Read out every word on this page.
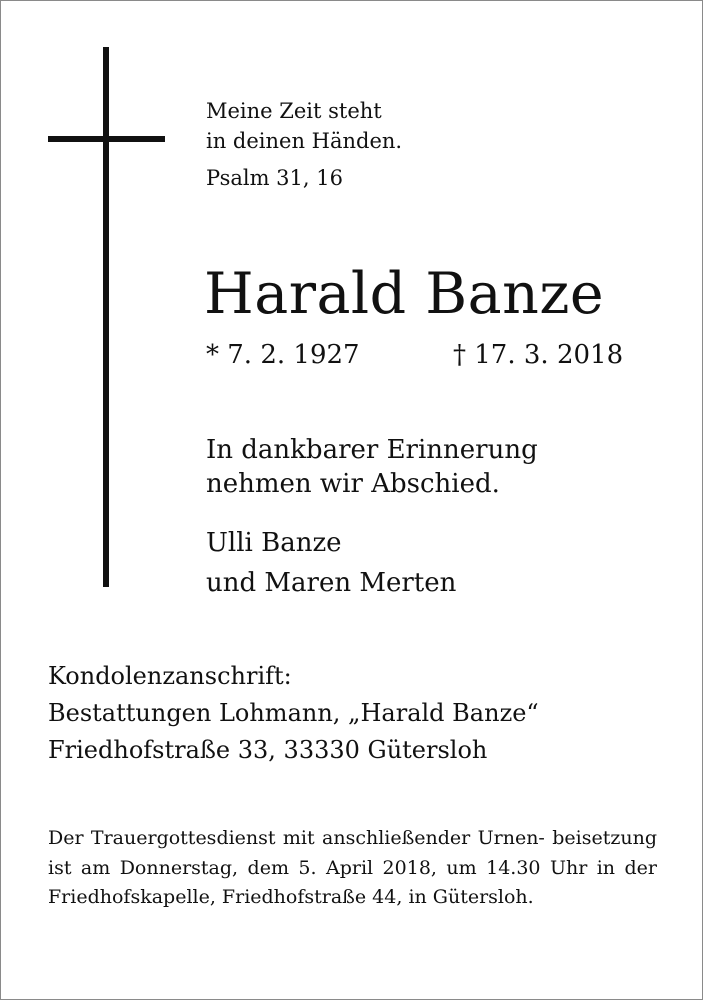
Meine Zeit steht
in deinen Händen.
Psalm 31, 16
Harald Banze
* 7. 2. 1927	† 17. 3. 2018
In dankbarer Erinnerung
nehmen wir Abschied.
Ulli Banze
und Maren Merten
Kondolenzanschrift:
Bestattungen Lohmann, „Harald Banze“
Friedhofstraße 33, 33330 Gütersloh
Der Trauergottesdienst mit anschließender Urnen- beisetzung ist am Donnerstag, dem 5. April 2018, um 14.30 Uhr in der Friedhofskapelle, Friedhofstraße 44, in Gütersloh.
